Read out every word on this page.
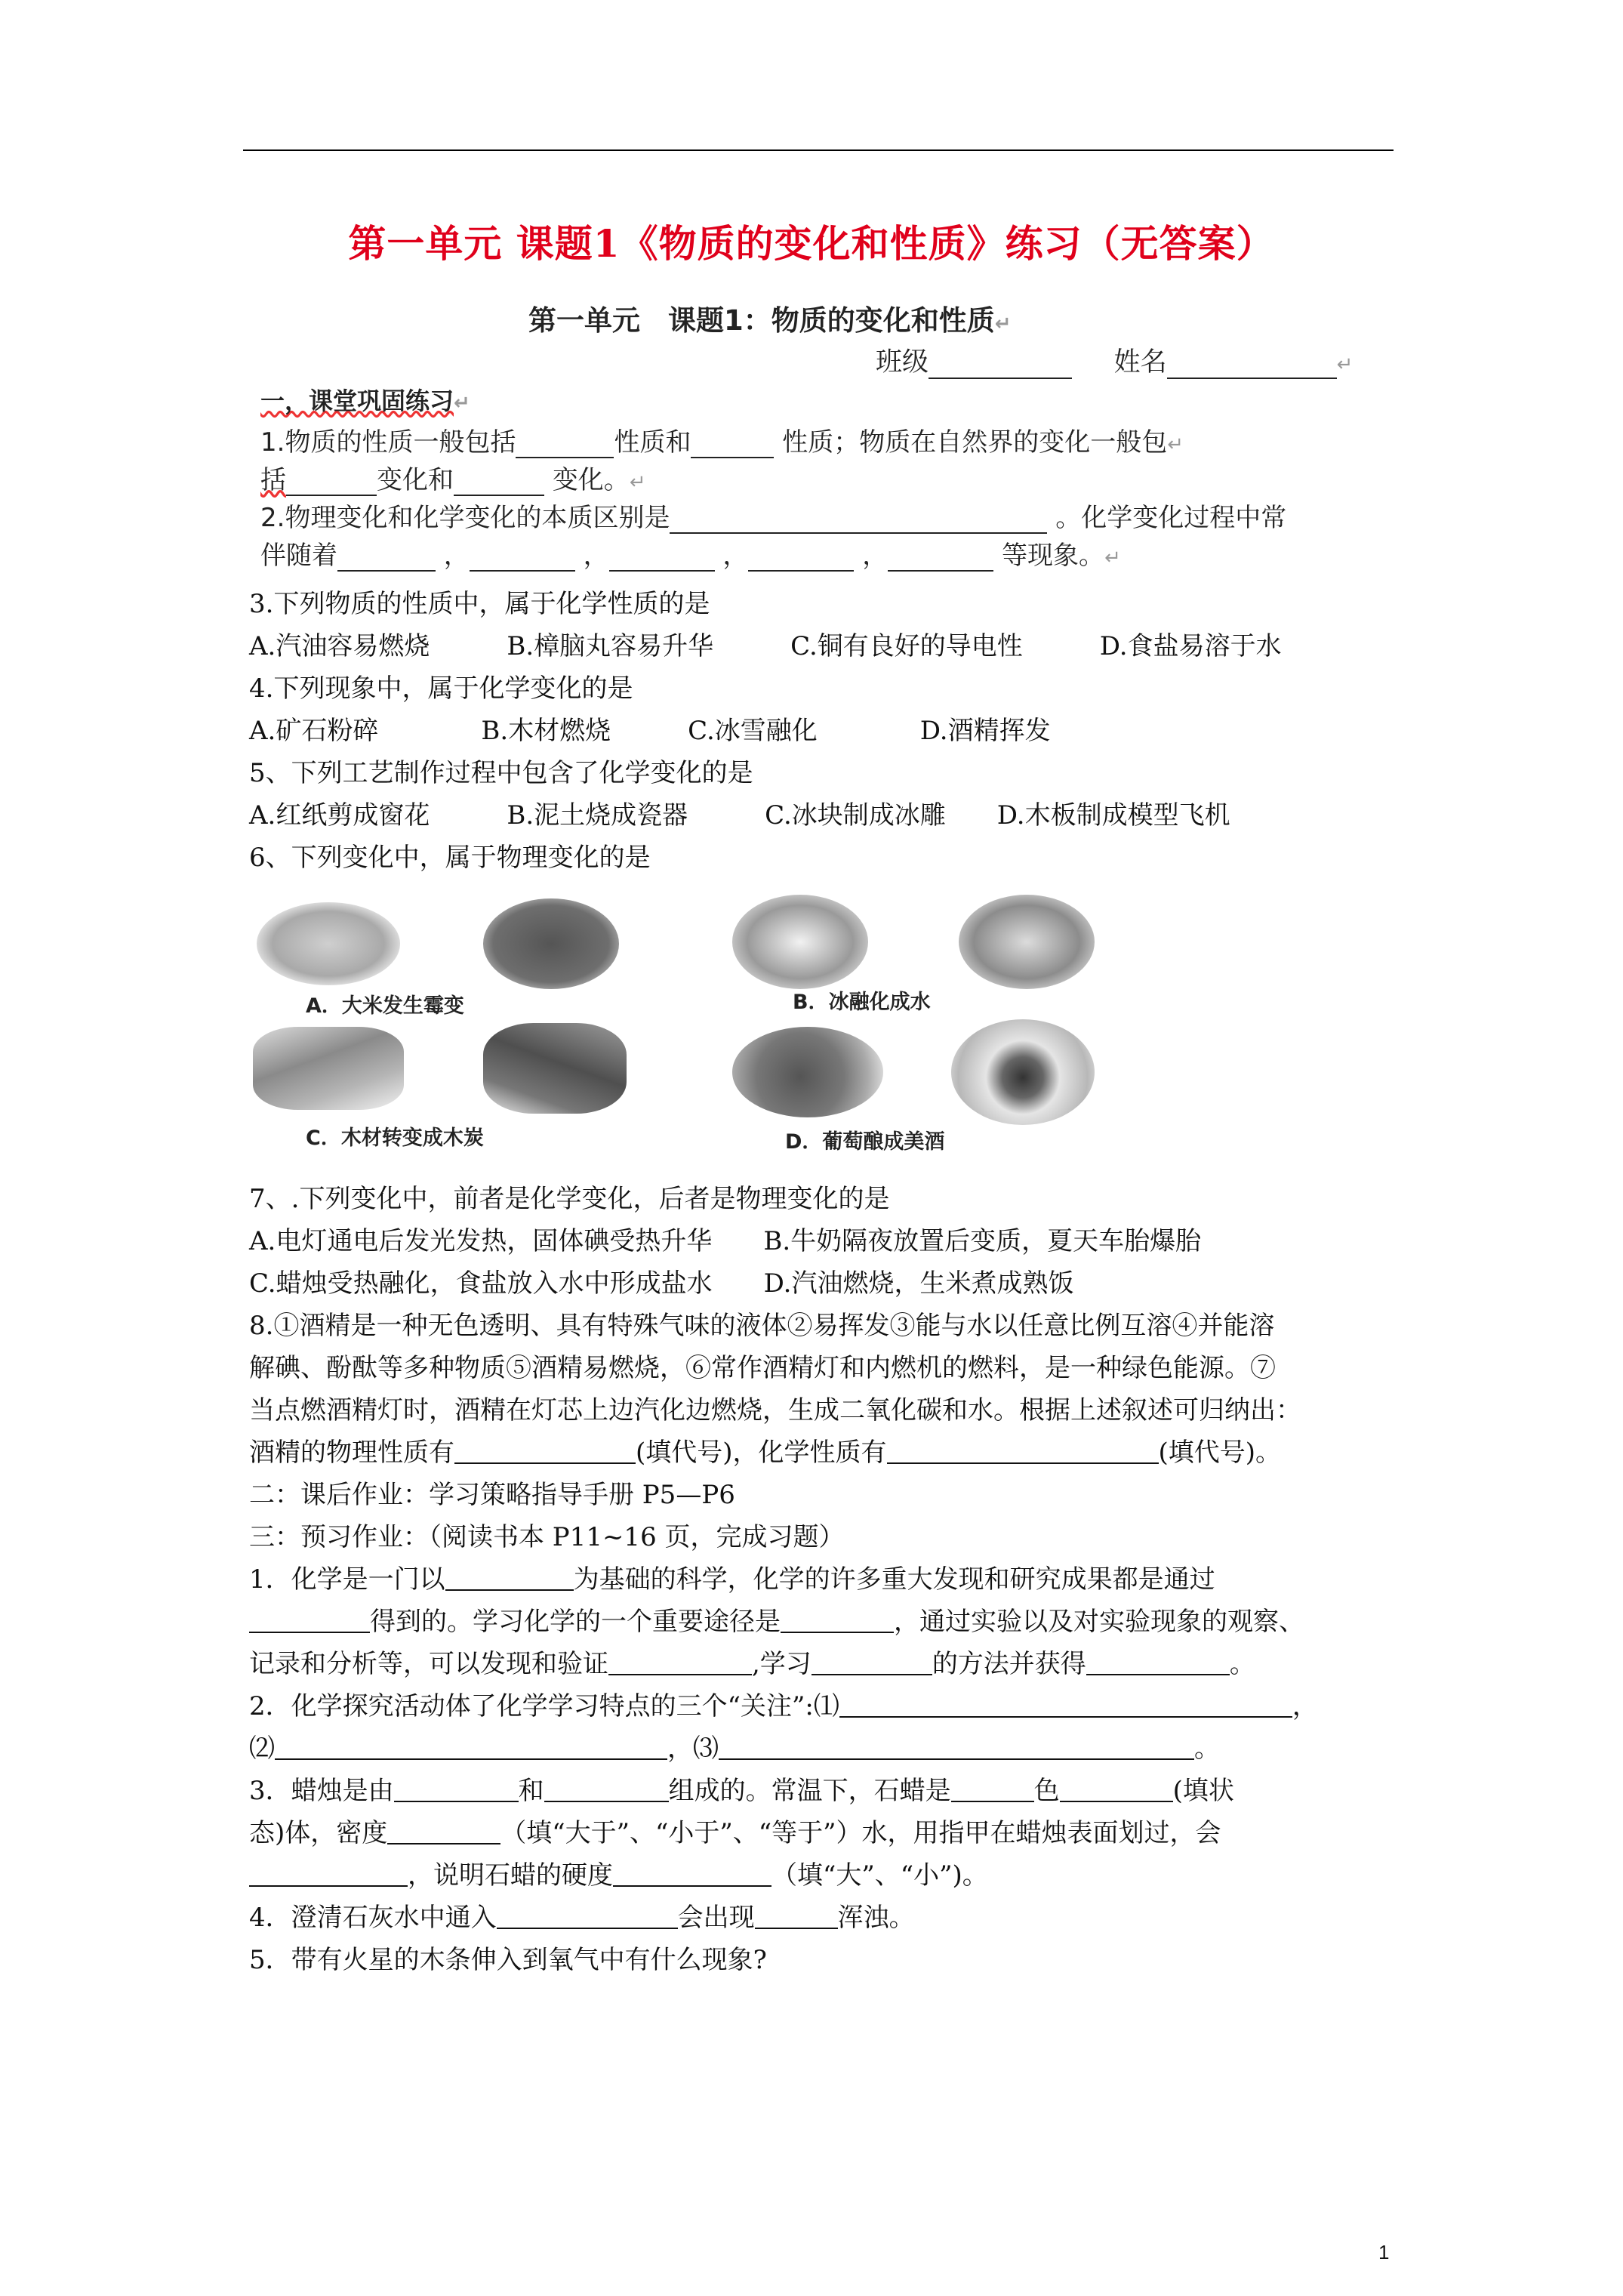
第一单元 课题1《物质的变化和性质》练习（无答案）
第一单元　课题1：物质的变化和性质↵
班级	姓名	↵
一，课堂巩固练习↵
1.物质的性质一般包括	性质和	性质；物质在自然界的变化一般包↵
括	变化和	变化。↵
2.物理变化和化学变化的本质区别是	。化学变化过程中常
伴随着	，	，	，	，	等现象。↵
3.下列物质的性质中，属于化学性质的是
A.汽油容易燃烧　　　B.樟脑丸容易升华　　　C.铜有良好的导电性　　　D.食盐易溶于水
4.下列现象中，属于化学变化的是
A.矿石粉碎　　　　B.木材燃烧　　　C.冰雪融化　　　　D.酒精挥发
5、下列工艺制作过程中包含了化学变化的是
A.红纸剪成窗花　　　B.泥土烧成瓷器　　　C.冰块制成冰雕　　D.木板制成模型飞机
6、下列变化中，属于物理变化的是
A．大米发生霉变	B．冰融化成水
C．木材转变成木炭	D．葡萄酿成美酒
7、.下列变化中，前者是化学变化，后者是物理变化的是
A.电灯通电后发光发热，固体碘受热升华　　B.牛奶隔夜放置后变质，夏天车胎爆胎
C.蜡烛受热融化，食盐放入水中形成盐水　　D.汽油燃烧，生米煮成熟饭
8.①酒精是一种无色透明、具有特殊气味的液体②易挥发③能与水以任意比例互溶④并能溶
解碘、酚酞等多种物质⑤酒精易燃烧，⑥常作酒精灯和内燃机的燃料，是一种绿色能源。⑦
当点燃酒精灯时，酒精在灯芯上边汽化边燃烧，生成二氧化碳和水。根据上述叙述可归纳出：
酒精的物理性质有	(填代号)，化学性质有	(填代号)。
二：课后作业：学习策略指导手册 P5—P6
三：预习作业：（阅读书本 P11~16 页，完成习题）
1．化学是一门以	为基础的科学，化学的许多重大发现和研究成果都是通过
得到的。学习化学的一个重要途径是	，通过实验以及对实验现象的观察、
记录和分析等，可以发现和验证	,学习	的方法并获得	。
2．化学探究活动体了化学学习特点的三个“关注”:⑴	，
⑵	，⑶	。
3．蜡烛是由	和	组成的。常温下，石蜡是	色	(填状
态)体，密度	（填“大于”、“小于”、“等于”）水，用指甲在蜡烛表面划过，会
，说明石蜡的硬度	（填“大”、“小”)。
4．澄清石灰水中通入	会出现	浑浊。
5．带有火星的木条伸入到氧气中有什么现象?
1
